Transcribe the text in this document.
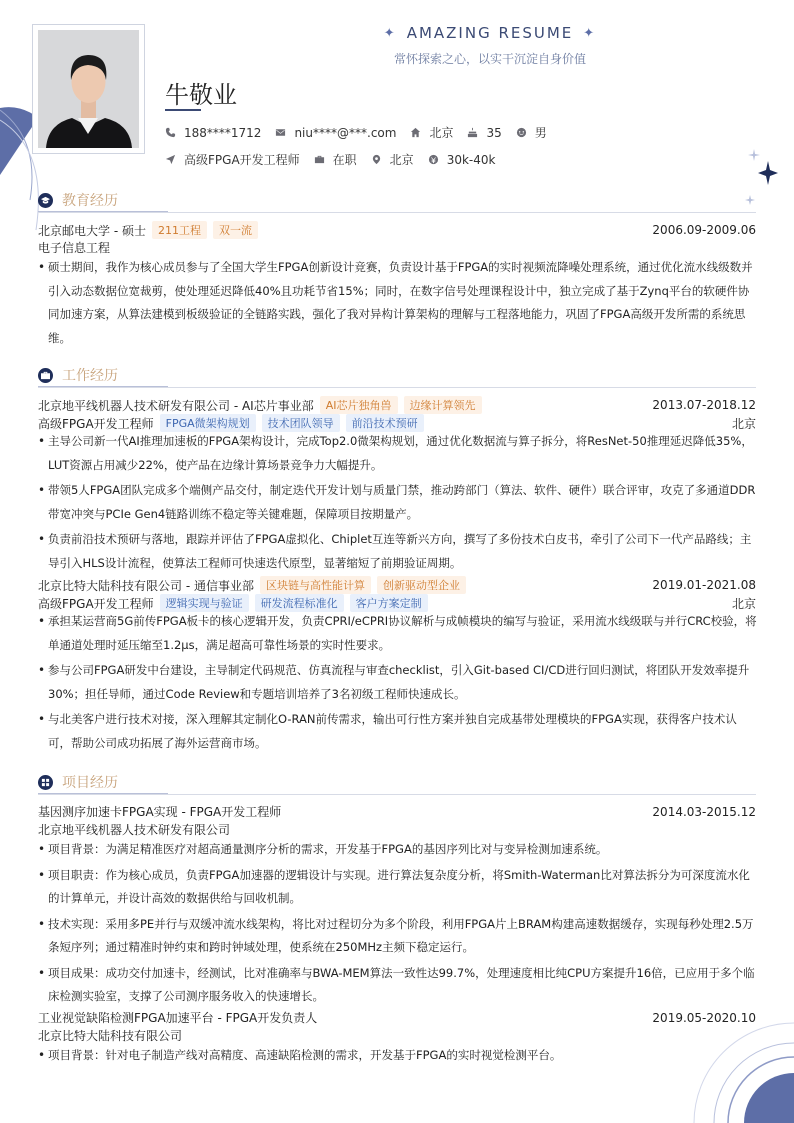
✦ AMAZING RESUME ✦
常怀探索之心，以实干沉淀自身价值
牛敬业
188****1712	niu****@***.com	北京	35	男
高级FPGA开发工程师	在职	北京	30k-40k
教育经历
北京邮电大学 - 硕士	211工程	双一流	2006.09-2009.06
电子信息工程
• 硕士期间，我作为核心成员参与了全国大学生FPGA创新设计竞赛，负责设计基于FPGA的实时视频流降噪处理系统，通过优化流水线级数并引入动态数据位宽裁剪，使处理延迟降低40%且功耗节省15%；同时，在数字信号处理课程设计中，独立完成了基于Zynq平台的软硬件协同加速方案，从算法建模到板级验证的全链路实践，强化了我对异构计算架构的理解与工程落地能力，巩固了FPGA高级开发所需的系统思维。
工作经历
北京地平线机器人技术研发有限公司 - AI芯片事业部	AI芯片独角兽	边缘计算领先	2013.07-2018.12
高级FPGA开发工程师	FPGA微架构规划	技术团队领导	前沿技术预研	北京
• 主导公司新一代AI推理加速板的FPGA架构设计，完成Top2.0微架构规划，通过优化数据流与算子拆分，将ResNet-50推理延迟降低35%，LUT资源占用减少22%，使产品在边缘计算场景竞争力大幅提升。
• 带领5人FPGA团队完成多个端侧产品交付，制定迭代开发计划与质量门禁，推动跨部门（算法、软件、硬件）联合评审，攻克了多通道DDR带宽冲突与PCIe Gen4链路训练不稳定等关键难题，保障项目按期量产。
• 负责前沿技术预研与落地，跟踪并评估了FPGA虚拟化、Chiplet互连等新兴方向，撰写了多份技术白皮书，牵引了公司下一代产品路线；主导引入HLS设计流程，使算法工程师可快速迭代原型，显著缩短了前期验证周期。
北京比特大陆科技有限公司 - 通信事业部	区块链与高性能计算	创新驱动型企业	2019.01-2021.08
高级FPGA开发工程师	逻辑实现与验证	研发流程标准化	客户方案定制	北京
• 承担某运营商5G前传FPGA板卡的核心逻辑开发，负责CPRI/eCPRI协议解析与成帧模块的编写与验证，采用流水线级联与并行CRC校验，将单通道处理时延压缩至1.2μs，满足超高可靠性场景的实时性要求。
• 参与公司FPGA研发中台建设，主导制定代码规范、仿真流程与审查checklist，引入Git-based CI/CD进行回归测试，将团队开发效率提升30%；担任导师，通过Code Review和专题培训培养了3名初级工程师快速成长。
• 与北美客户进行技术对接，深入理解其定制化O-RAN前传需求，输出可行性方案并独自完成基带处理模块的FPGA实现，获得客户技术认可，帮助公司成功拓展了海外运营商市场。
项目经历
基因测序加速卡FPGA实现 - FPGA开发工程师	2014.03-2015.12
北京地平线机器人技术研发有限公司
• 项目背景：为满足精准医疗对超高通量测序分析的需求，开发基于FPGA的基因序列比对与变异检测加速系统。
• 项目职责：作为核心成员，负责FPGA加速器的逻辑设计与实现。进行算法复杂度分析，将Smith-Waterman比对算法拆分为可深度流水化的计算单元，并设计高效的数据供给与回收机制。
• 技术实现：采用多PE并行与双缓冲流水线架构，将比对过程切分为多个阶段，利用FPGA片上BRAM构建高速数据缓存，实现每秒处理2.5万条短序列；通过精准时钟约束和跨时钟域处理，使系统在250MHz主频下稳定运行。
• 项目成果：成功交付加速卡，经测试，比对准确率与BWA-MEM算法一致性达99.7%，处理速度相比纯CPU方案提升16倍，已应用于多个临床检测实验室，支撑了公司测序服务收入的快速增长。
工业视觉缺陷检测FPGA加速平台 - FPGA开发负责人	2019.05-2020.10
北京比特大陆科技有限公司
• 项目背景：针对电子制造产线对高精度、高速缺陷检测的需求，开发基于FPGA的实时视觉检测平台。
